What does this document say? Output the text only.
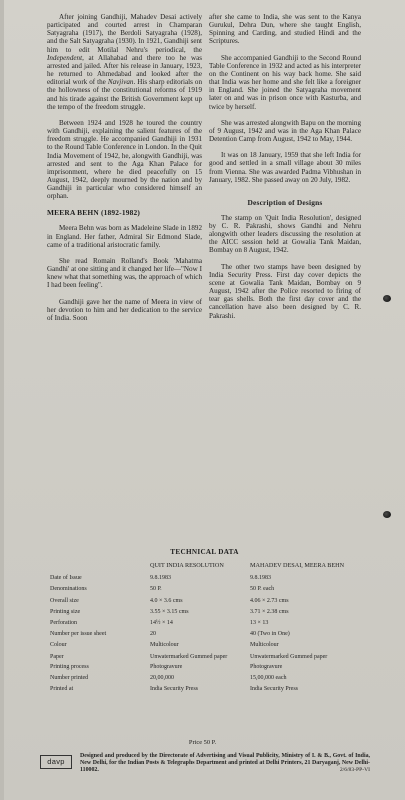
After joining Gandhiji, Mahadev Desai actively participated and courted arrest in Champaran Satyagraha (1917), the Berdoli Satyagraha (1928), and the Salt Satyagraha (1930). In 1921, Gandhiji sent him to edit Motilal Nehru's periodical, the Independent, at Allahabad and there too he was arrested and jailed. After his release in January, 1923, he returned to Ahmedabad and looked after the editorial work of the Navjivan. His sharp editorials on the hollowness of the constitutional reforms of 1919 and his tirade against the British Government kept up the tempo of the freedom struggle.

Between 1924 and 1928 he toured the country with Gandhiji, explaining the salient features of the freedom struggle. He accompanied Gandhiji in 1931 to the Round Table Conference in London. In the Quit India Movement of 1942, he, alongwith Gandhiji, was arrested and sent to the Aga Khan Palace for imprisonment, where he died peacefully on 15 August, 1942, deeply mourned by the nation and by Gandhiji in particular who considered himself an orphan.

MEERA BEHN (1892-1982)

Meera Behn was born as Madeleine Slade in 1892 in England. Her father, Admiral Sir Edmond Slade, came of a traditional aristocratic family.

She read Romain Rolland's Book 'Mahatma Gandhi' at one sitting and it changed her life—"Now I knew what that something was, the approach of which I had been feeling".

Gandhiji gave her the name of Meera in view of her devotion to him and her dedication to the service of India. Soon

after she came to India, she was sent to the Kanya Gurukul, Dehra Dun, where she taught English, Spinning and Carding, and studied Hindi and the Scriptures.

She accompanied Gandhiji to the Second Round Table Conference in 1932 and acted as his interpreter on the Continent on his way back home. She said that India was her home and she felt like a foreigner in England. She joined the Satyagraha movement later on and was in prison once with Kasturba, and twice by herself.

She was arrested alongwith Bapu on the morning of 9 August, 1942 and was in the Aga Khan Palace Detention Camp from August, 1942 to May, 1944.

It was on 18 January, 1959 that she left India for good and settled in a small village about 30 miles from Vienna. She was awarded Padma Vibhushan in January, 1982. She passed away on 20 July, 1982.

Description of Designs

The stamp on 'Quit India Resolution', designed by C. R. Pakrashi, shows Gandhi and Nehru alongwith other leaders discussing the resolution at the AICC session held at Gowalia Tank Maidan, Bombay on 8 August, 1942.

The other two stamps have been designed by India Security Press. First day cover depicts the scene at Gowalia Tank Maidan, Bombay on 9 August, 1942 after the Police resorted to firing of tear gas shells. Both the first day cover and the cancellation have also been designed by C. R. Pakrashi.

TECHNICAL DATA
QUIT INDIA RESOLUTION	MAHADEV DESAI, MEERA BEHN
Date of Issue	9.8.1983	9.8.1983
Denominations	50 P.	50 P. each
Overall size	4.0 × 3.6 cms	4.06 × 2.73 cms
Printing size	3.55 × 3.15 cms	3.71 × 2.38 cms
Perforation	14½ × 14	13 × 13
Number per issue sheet	20	40 (Two in One)
Colour	Multicolour	Multicolour
Paper	Unwatermarked Gummed paper	Unwatermarked Gummed paper
Printing process	Photogravure	Photogravure
Number printed	20,00,000	15,00,000 each
Printed at	India Security Press	India Security Press
Price 50 P.
davp
Designed and produced by the Directorate of Advertising and Visual Publicity, Ministry of I. & B., Govt. of India, New Delhi, for the Indian Posts & Telegraphs Department and printed at Delhi Printers, 21 Daryaganj, New Delhi-110002.	2/6/83-PP-VI
